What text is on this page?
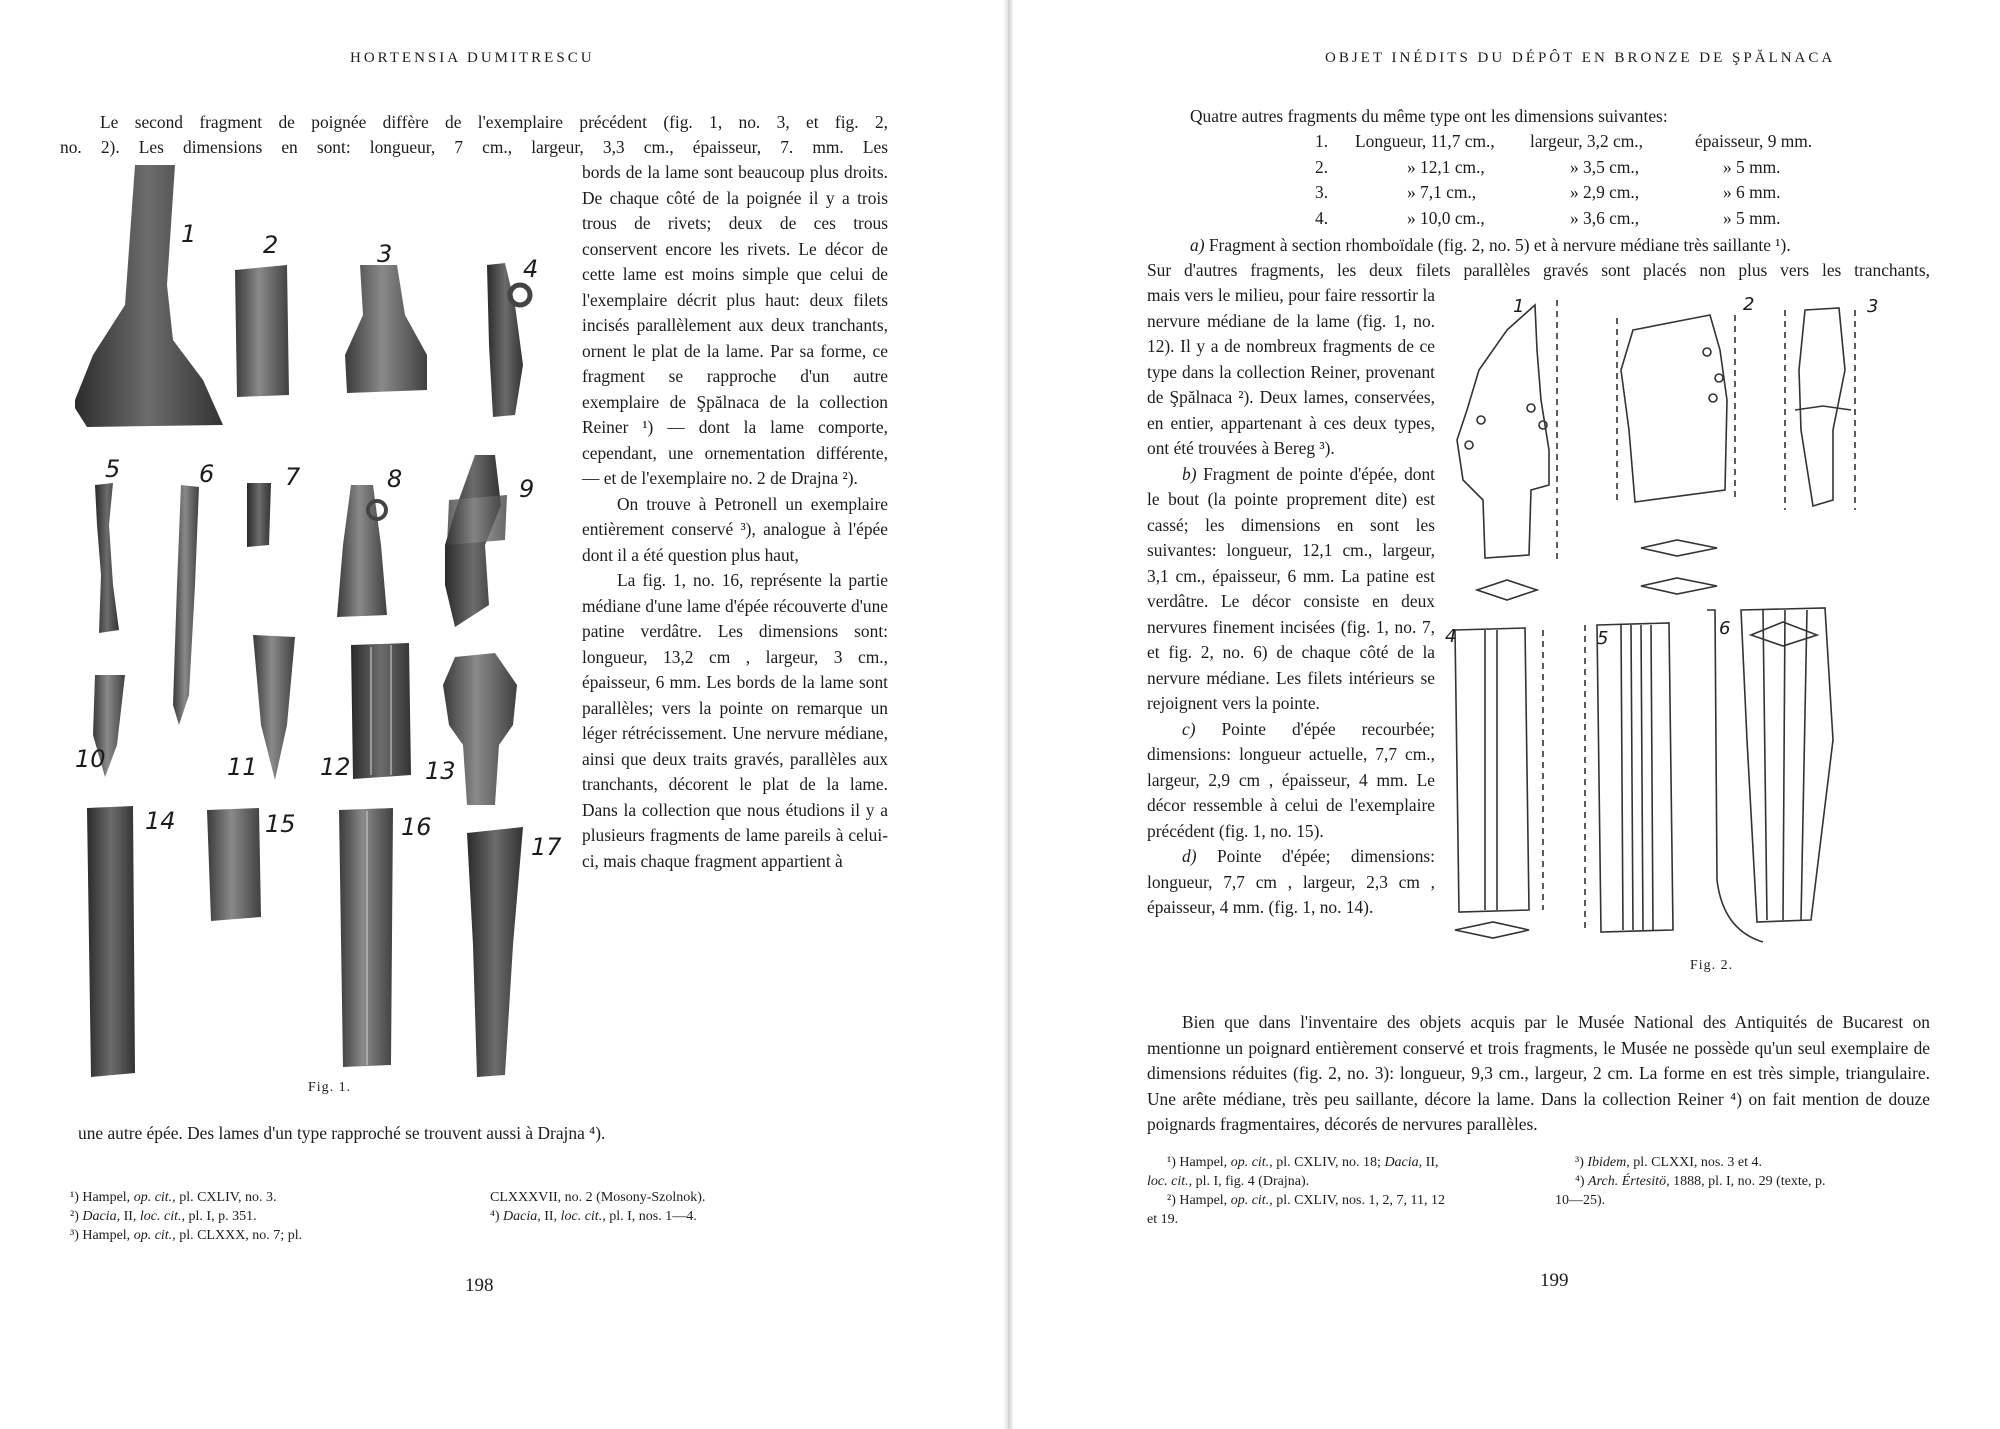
HORTENSIA DUMITRESCU
Le second fragment de poignée diffère de l'exemplaire précédent (fig. 1, no. 3, et fig. 2,
no. 2). Les dimensions en sont: longueur, 7 cm., largeur, 3,3 cm., épaisseur, 7. mm. Les

bords de la lame sont beaucoup plus droits. De chaque côté de la poignée il y a trois trous de rivets; deux de ces trous conservent encore les rivets. Le décor de cette lame est moins simple que celui de l'exemplaire décrit plus haut: deux filets incisés parallèlement aux deux tranchants, ornent le plat de la lame. Par sa forme, ce fragment se rapproche d'un autre exemplaire de Şpălnaca de la collection Reiner ¹) — dont la lame comporte, cependant, une ornementation différente, — et de l'exemplaire no. 2 de Drajna ²).

On trouve à Petronell un exemplaire entièrement conservé ³), analogue à l'épée dont il a été question plus haut,

La fig. 1, no. 16, représente la partie médiane d'une lame d'épée récouverte d'une patine verdâtre. Les dimensions sont: longueur, 13,2 cm , largeur, 3 cm., épaisseur, 6 mm. Les bords de la lame sont parallèles; vers la pointe on remarque un léger rétrécissement. Une nervure médiane, ainsi que deux traits gravés, parallèles aux tranchants, décorent le plat de la lame. Dans la collection que nous étudions il y a plusieurs fragments de lame pareils à celui-ci, mais chaque fragment appartient à

une autre épée. Des lames d'un type rapproché se trouvent aussi à Drajna ⁴).
1	2	3
4
5	6	7	8	9
10	11	12	13
14	15	16
17
Fig. 1.
¹) Hampel, op. cit., pl. CXLIV, no. 3.
²) Dacia, II, loc. cit., pl. I, p. 351.
³) Hampel, op. cit., pl. CLXXX, no. 7; pl.
CLXXXVII, no. 2 (Mosony-Szolnok).
⁴) Dacia, II, loc. cit., pl. I, nos. 1—4.
198
OBJET INÉDITS DU DÉPÔT EN BRONZE DE ŞPĂLNACA
Quatre autres fragments du même type ont les dimensions suivantes:
1.	Longueur, 11,7 cm.,	largeur, 3,2 cm.,	épaisseur, 9 mm.
2.	» 12,1 cm.,	» 3,5 cm.,	» 5 mm.
3.	» 7,1 cm.,	» 2,9 cm.,	» 6 mm.
4.	» 10,0 cm.,	» 3,6 cm.,	» 5 mm.
a) Fragment à section rhomboïdale (fig. 2, no. 5) et à nervure médiane très saillante ¹).
Sur d'autres fragments, les deux filets parallèles gravés sont placés non plus vers les tranchants,

mais vers le milieu, pour faire ressortir la nervure médiane de la lame (fig. 1, no. 12). Il y a de nombreux fragments de ce type dans la collection Reiner, provenant de Şpălnaca ²). Deux lames, conservées, en entier, appartenant à ces deux types, ont été trouvées à Bereg ³).

b) Fragment de pointe d'épée, dont le bout (la pointe proprement dite) est cassé; les dimensions en sont les suivantes: longueur, 12,1 cm., largeur, 3,1 cm., épaisseur, 6 mm. La patine est verdâtre. Le décor consiste en deux nervures finement incisées (fig. 1, no. 7, et fig. 2, no. 6) de chaque côté de la nervure médiane. Les filets intérieurs se rejoignent vers la pointe.

c) Pointe d'épée recourbée; dimensions: longueur actuelle, 7,7 cm., largeur, 2,9 cm , épaisseur, 4 mm. Le décor ressemble à celui de l'exemplaire précédent (fig. 1, no. 15).

d) Pointe d'épée; dimensions: longueur, 7,7 cm , largeur, 2,3 cm , épaisseur, 4 mm. (fig. 1, no. 14).

1	2	3
4	5	6
Fig. 2.

Bien que dans l'inventaire des objets acquis par le Musée National des Antiquités de Bucarest on mentionne un poignard entièrement conservé et trois fragments, le Musée ne possède qu'un seul exemplaire de dimensions réduites (fig. 2, no. 3): longueur, 9,3 cm., largeur, 2 cm. La forme en est très simple, triangulaire. Une arête médiane, très peu saillante, décore la lame. Dans la collection Reiner ⁴) on fait mention de douze poignards fragmentaires, décorés de nervures parallèles.

¹) Hampel, op. cit., pl. CXLIV, no. 18; Dacia, II,
loc. cit., pl. I, fig. 4 (Drajna).
²) Hampel, op. cit., pl. CXLIV, nos. 1, 2, 7, 11, 12
et 19.
³) Ibidem, pl. CLXXI, nos. 3 et 4.
⁴) Arch. Értesitö, 1888, pl. I, no. 29 (texte, p.
10—25).
199
